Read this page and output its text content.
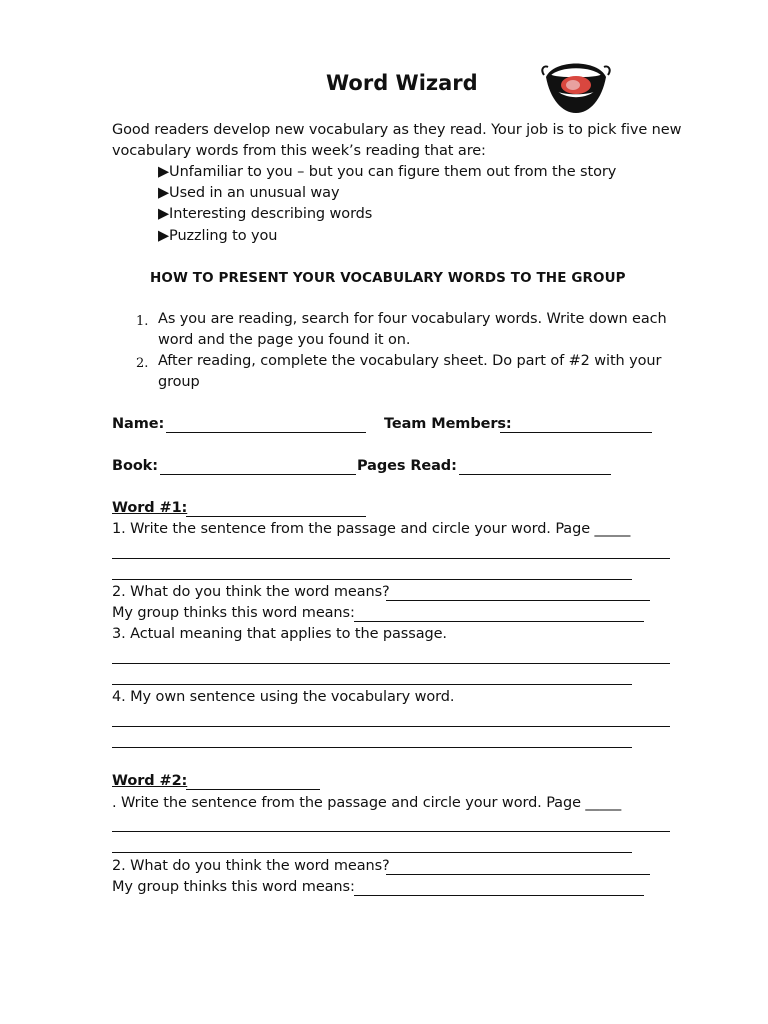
Word Wizard
Good readers develop new vocabulary as they read. Your job is to pick five new
vocabulary words from this week’s reading that are:
▶Unfamiliar to you – but you can figure them out from the story
▶Used in an unusual way
▶Interesting describing words
▶Puzzling to you
HOW TO PRESENT YOUR VOCABULARY WORDS TO THE GROUP
1. As you are reading, search for four vocabulary words. Write down each
word and the page you found it on.
2. After reading, complete the vocabulary sheet. Do part of #2 with your
group
Name:	Team Members:
Book:	Pages Read:
Word #1:
1. Write the sentence from the passage and circle your word. Page _____
2. What do you think the word means?
My group thinks this word means:
3. Actual meaning that applies to the passage.
4. My own sentence using the vocabulary word.
Word #2:
. Write the sentence from the passage and circle your word. Page _____
2. What do you think the word means?
My group thinks this word means:
